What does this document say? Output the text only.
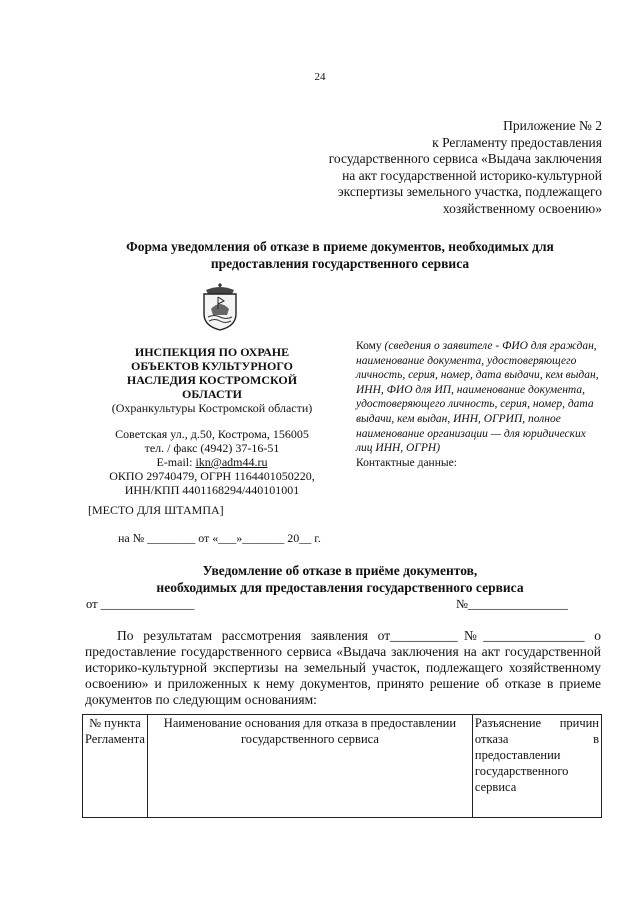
24
Приложение № 2
к Регламенту предоставления
государственного сервиса «Выдача заключения
на акт государственной историко-культурной
экспертизы земельного участка, подлежащего
хозяйственному освоению»
Форма уведомления об отказе в приеме документов, необходимых для
предоставления государственного сервиса
ИНСПЕКЦИЯ ПО ОХРАНЕ
ОБЪЕКТОВ КУЛЬТУРНОГО
НАСЛЕДИЯ КОСТРОМСКОЙ
ОБЛАСТИ
(Охранкультуры Костромской области)
Советская ул., д.50, Кострома, 156005
тел. / факс (4942) 37-16-51
E-mail: ikn@adm44.ru
ОКПО 29740479, ОГРН 1164401050220,
ИНН/КПП 4401168294/440101001
Кому (сведения о заявителе - ФИО для граждан, наименование документа, удостоверяющего личность, серия, номер, дата выдачи, кем выдан, ИНН, ФИО для ИП, наименование документа, удостоверяющего личность, серия, номер, дата выдачи, кем выдан, ИНН, ОГРИП, полное наименование организации — для юридических лиц ИНН, ОГРН)
Контактные данные:
[МЕСТО ДЛЯ ШТАМПА]
на № ________ от «___»_______ 20__ г.
Уведомление об отказе в приёме документов,
необходимых для предоставления государственного сервиса
от _______________	№________________

По результатам рассмотрения заявления от__________№_______________ о предоставление государственного сервиса «Выдача заключения на акт государственной историко-культурной экспертизы на земельный участок, подлежащего хозяйственному освоению» и приложенных к нему документов, принято решение об отказе в приеме документов по следующим основаниям:

№ пункта Регламента	Наименование основания для отказа в предоставлении государственного сервиса	Разъяснение причин отказа в предоставлении государственного сервиса
